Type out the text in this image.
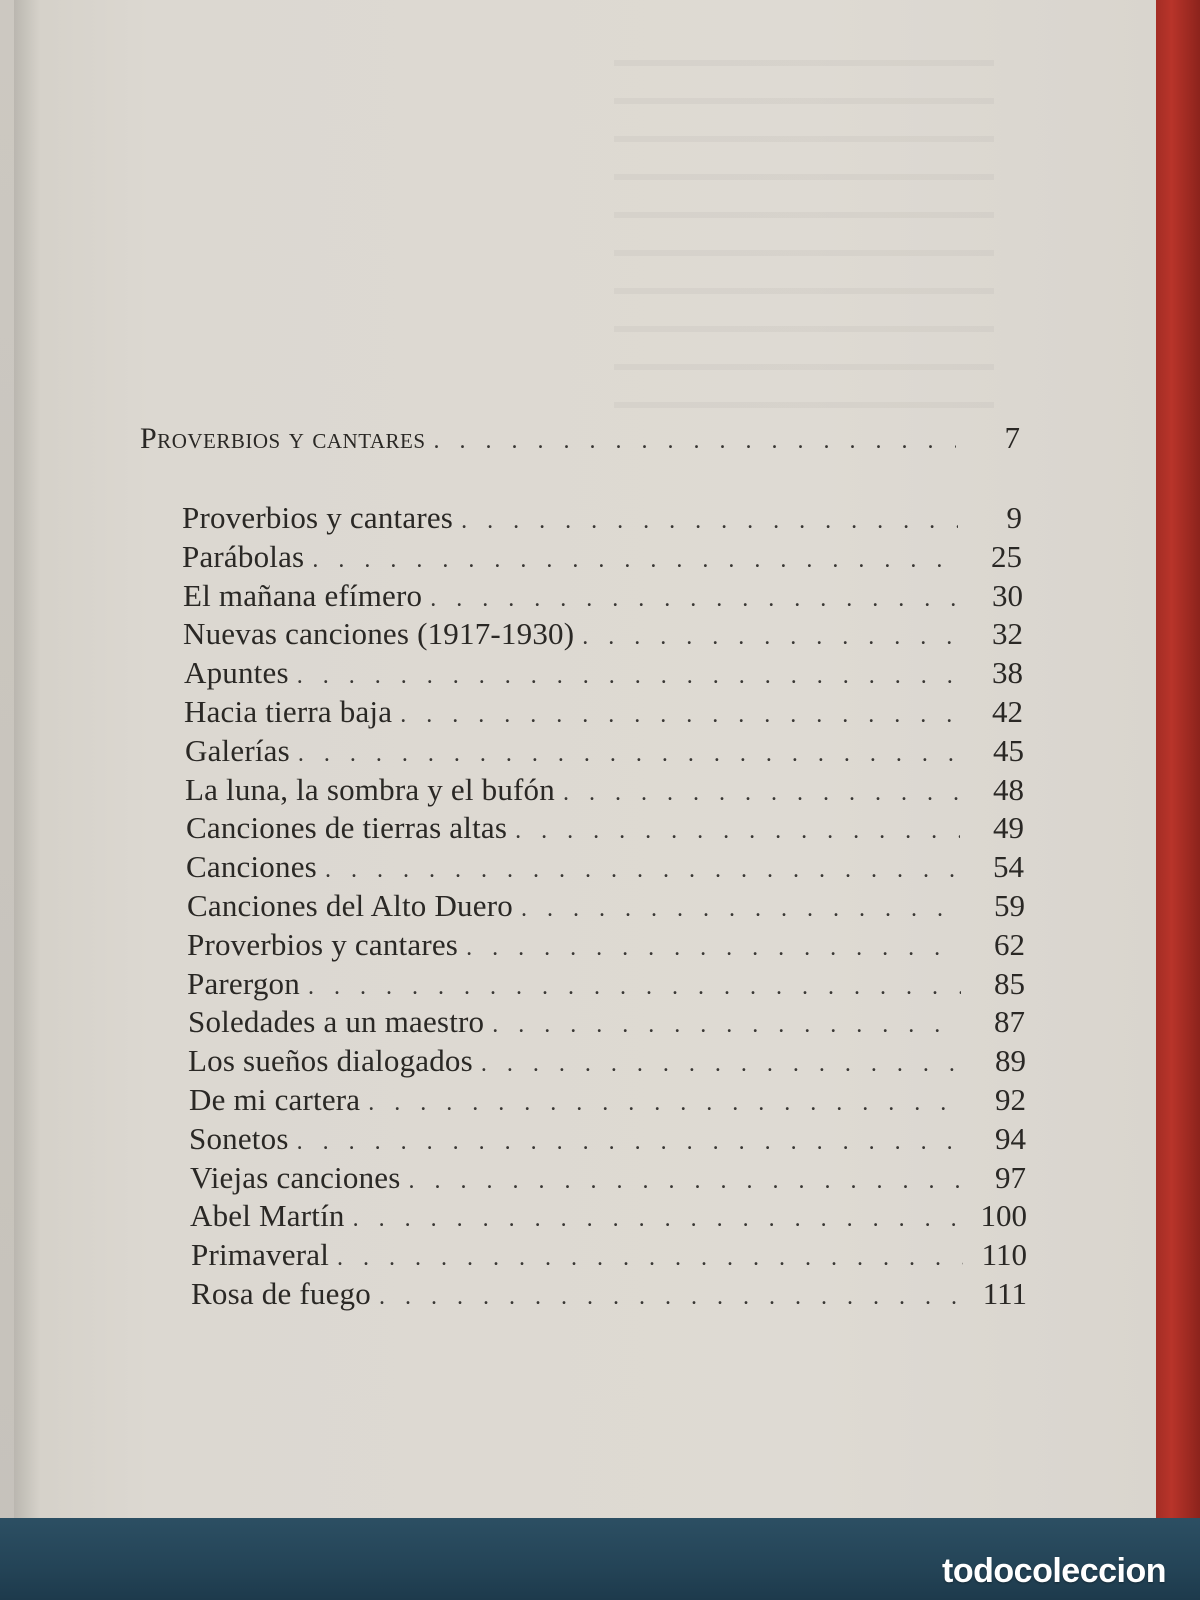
Proverbios y cantares . . .	7
Proverbios y cantares . . .	9
Parábolas . . .	25
El mañana efímero . . .	30
Nuevas canciones (1917-1930) . . .	32
Apuntes . . .	38
Hacia tierra baja . . .	42
Galerías . . .	45
La luna, la sombra y el bufón . . .	48
Canciones de tierras altas . . .	49
Canciones . . .	54
Canciones del Alto Duero . . .	59
Proverbios y cantares . . .	62
Parergon . . .	85
Soledades a un maestro . . .	87
Los sueños dialogados . . .	89
De mi cartera . . .	92
Sonetos . . .	94
Viejas canciones . . .	97
Abel Martín . . .	100
Primaveral . . .	110
Rosa de fuego . . .	111
todocoleccion
